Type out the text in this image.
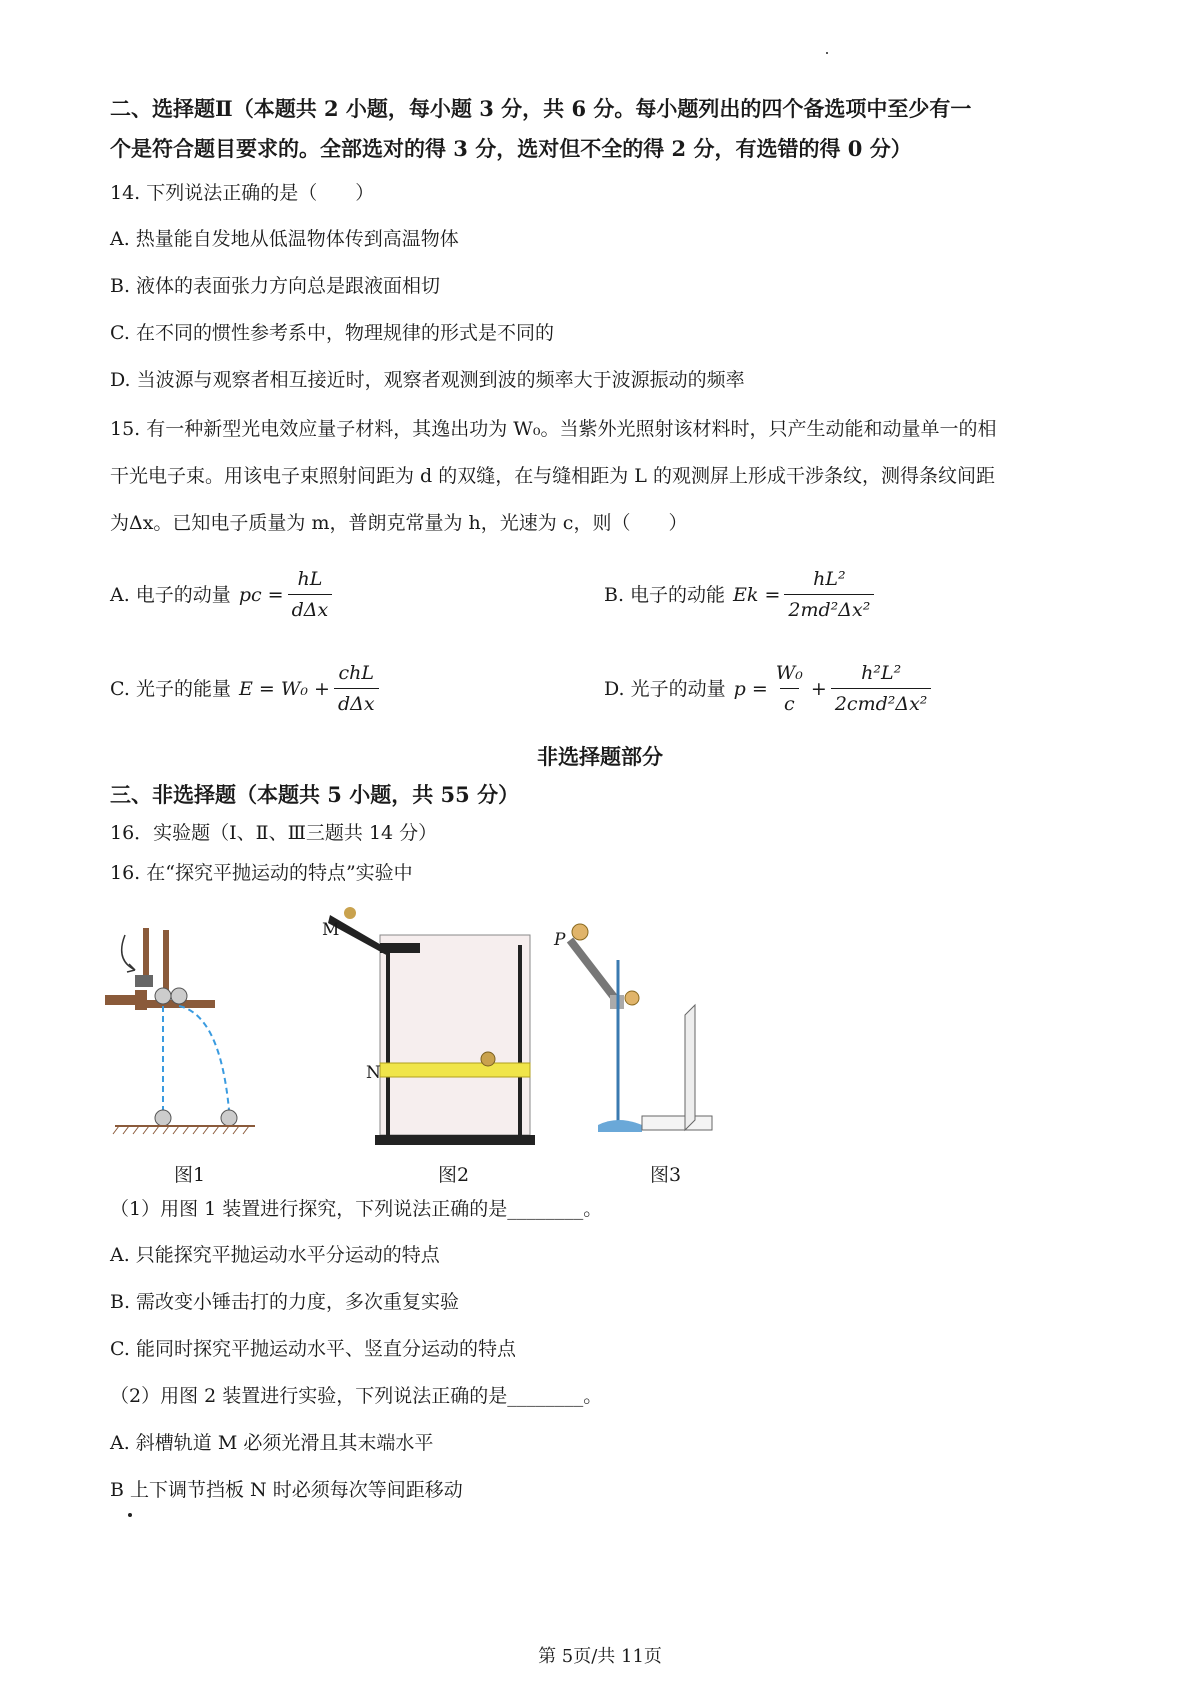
二、选择题Ⅱ（本题共 2 小题，每小题 3 分，共 6 分。每小题列出的四个备选项中至少有一
个是符合题目要求的。全部选对的得 3 分，选对但不全的得 2 分，有选错的得 0 分）
14. 下列说法正确的是（　　）
A. 热量能自发地从低温物体传到高温物体
B. 液体的表面张力方向总是跟液面相切
C. 在不同的惯性参考系中，物理规律的形式是不同的
D. 当波源与观察者相互接近时，观察者观测到波的频率大于波源振动的频率
15. 有一种新型光电效应量子材料，其逸出功为 W₀。当紫外光照射该材料时，只产生动能和动量单一的相
干光电子束。用该电子束照射间距为 d 的双缝，在与缝相距为 L 的观测屏上形成干涉条纹，测得条纹间距
为Δx。已知电子质量为 m，普朗克常量为 h，光速为 c，则（　　）
A. 电子的动量 pc = $\frac{hL}{\text{dΔx}}$	B. 电子的动能 $Ek = \frac{\text{hL²}}{\text{2md²Δx²}}$
C. 光子的能量 $E = W_0 + \frac{\text{chL}}{\text{dΔx}}$	D. 光子的动量 $p = \frac{\text{W₀}}{c} + \frac{\text{h²L²}}{\text{2cmd²Δx²}}$
非选择题部分
三、非选择题（本题共 5 小题，共 55 分）
16．实验题（Ⅰ、Ⅱ、Ⅲ三题共 14 分）
16. 在“探究平抛运动的特点”实验中
图1
M
N
图2
P
图3
（1）用图 1 装置进行探究，下列说法正确的是________。
A. 只能探究平抛运动水平分运动的特点
B. 需改变小锤击打的力度，多次重复实验
C. 能同时探究平抛运动水平、竖直分运动的特点
（2）用图 2 装置进行实验，下列说法正确的是________。
A. 斜槽轨道 M 必须光滑且其末端水平
B 上下调节挡板 N 时必须每次等间距移动
第 5页/共 11页
